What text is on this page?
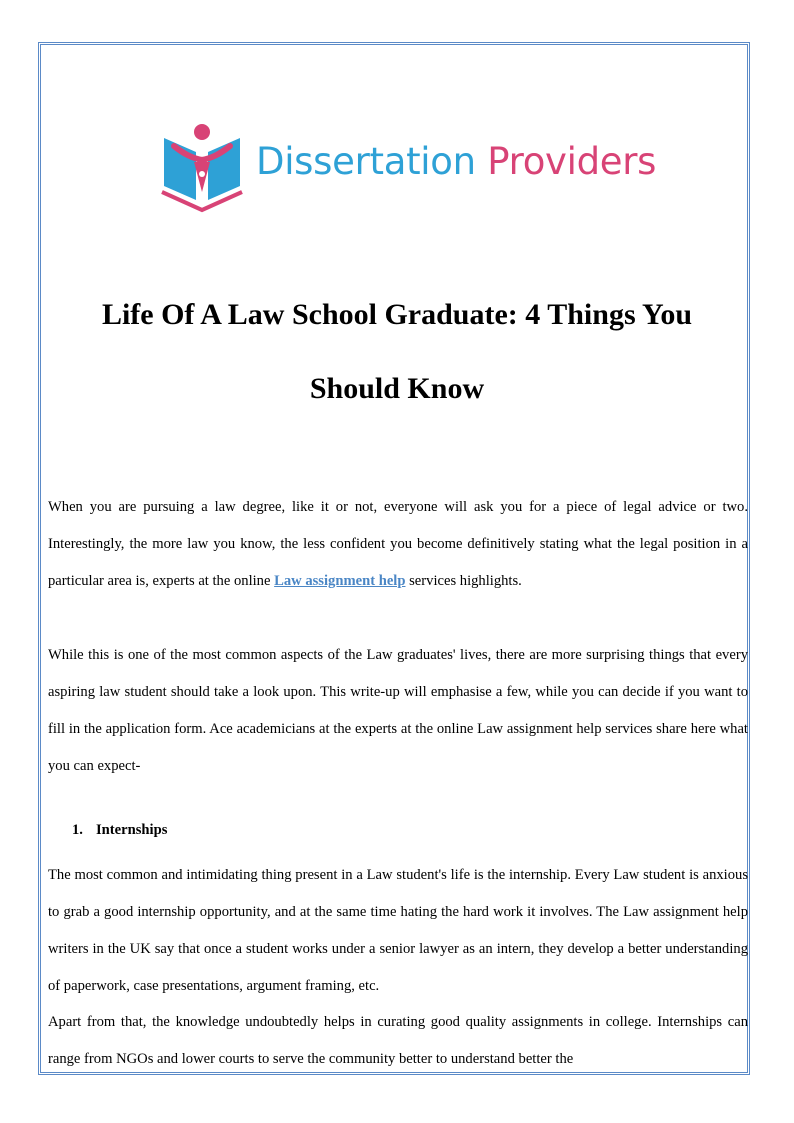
Dissertation Providers
Life Of A Law School Graduate: 4 Things You
Should Know

When you are pursuing a law degree, like it or not, everyone will ask you for a piece of legal advice or two. Interestingly, the more law you know, the less confident you become definitively stating what the legal position in a particular area is, experts at the online Law assignment help services highlights.

While this is one of the most common aspects of the Law graduates' lives, there are more surprising things that every aspiring law student should take a look upon. This write-up will emphasise a few, while you can decide if you want to fill in the application form. Ace academicians at the experts at the online Law assignment help services share here what you can expect-

1. Internships

The most common and intimidating thing present in a Law student's life is the internship. Every Law student is anxious to grab a good internship opportunity, and at the same time hating the hard work it involves. The Law assignment help writers in the UK say that once a student works under a senior lawyer as an intern, they develop a better understanding of paperwork, case presentations, argument framing, etc.

Apart from that, the knowledge undoubtedly helps in curating good quality assignments in college. Internships can range from NGOs and lower courts to serve the community better to understand better the
